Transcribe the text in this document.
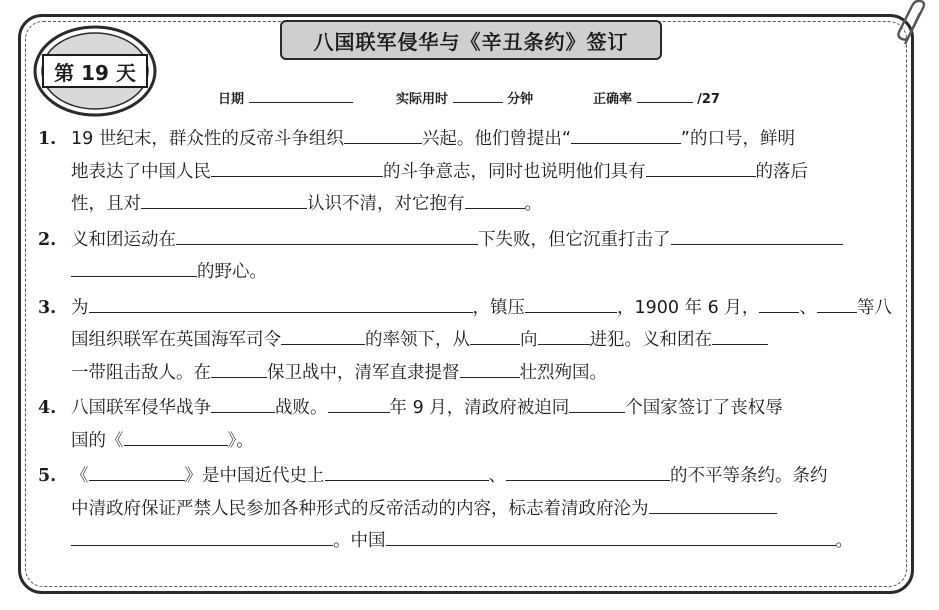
八国联军侵华与《辛丑条约》签订
第 19 天
日期	实际用时	分钟	正确率	/27
1. 19 世纪末，群众性的反帝斗争组织	兴起。他们曾提出“	”的口号，鲜明
地表达了中国人民	的斗争意志，同时也说明他们具有	的落后
性，且对	认识不清，对它抱有	。
2. 义和团运动在	下失败，但它沉重打击了
的野心。
3. 为	，镇压	，1900 年 6 月， 、 等八
国组织联军在英国海军司令	的率领下，从	向	进犯。义和团在
一带阻击敌人。在	保卫战中，清军直隶提督	壮烈殉国。
4. 八国联军侵华战争	战败。	年 9 月，清政府被迫同	个国家签订了丧权辱
国的《	》。
5. 《	》是中国近代史上	、	的不平等条约。条约
中清政府保证严禁人民参加各种形式的反帝活动的内容，标志着清政府沦为
。中国	。
